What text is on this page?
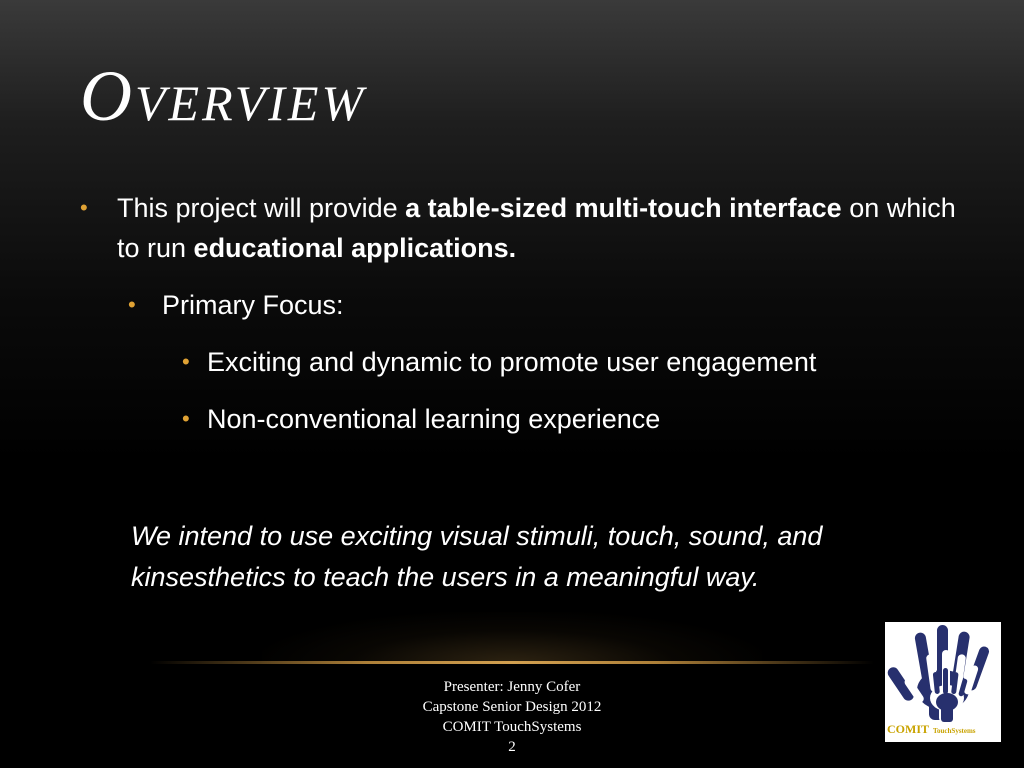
Overview
• This project will provide a table-sized multi-touch interface on which to run educational applications.
• Primary Focus:
• Exciting and dynamic to promote user engagement
• Non-conventional learning experience
We intend to use exciting visual stimuli, touch, sound, and kinsesthetics to teach the users in a meaningful way.
Presenter: Jenny Cofer
Capstone Senior Design 2012
COMIT TouchSystems
2
COMIT TouchSystems
